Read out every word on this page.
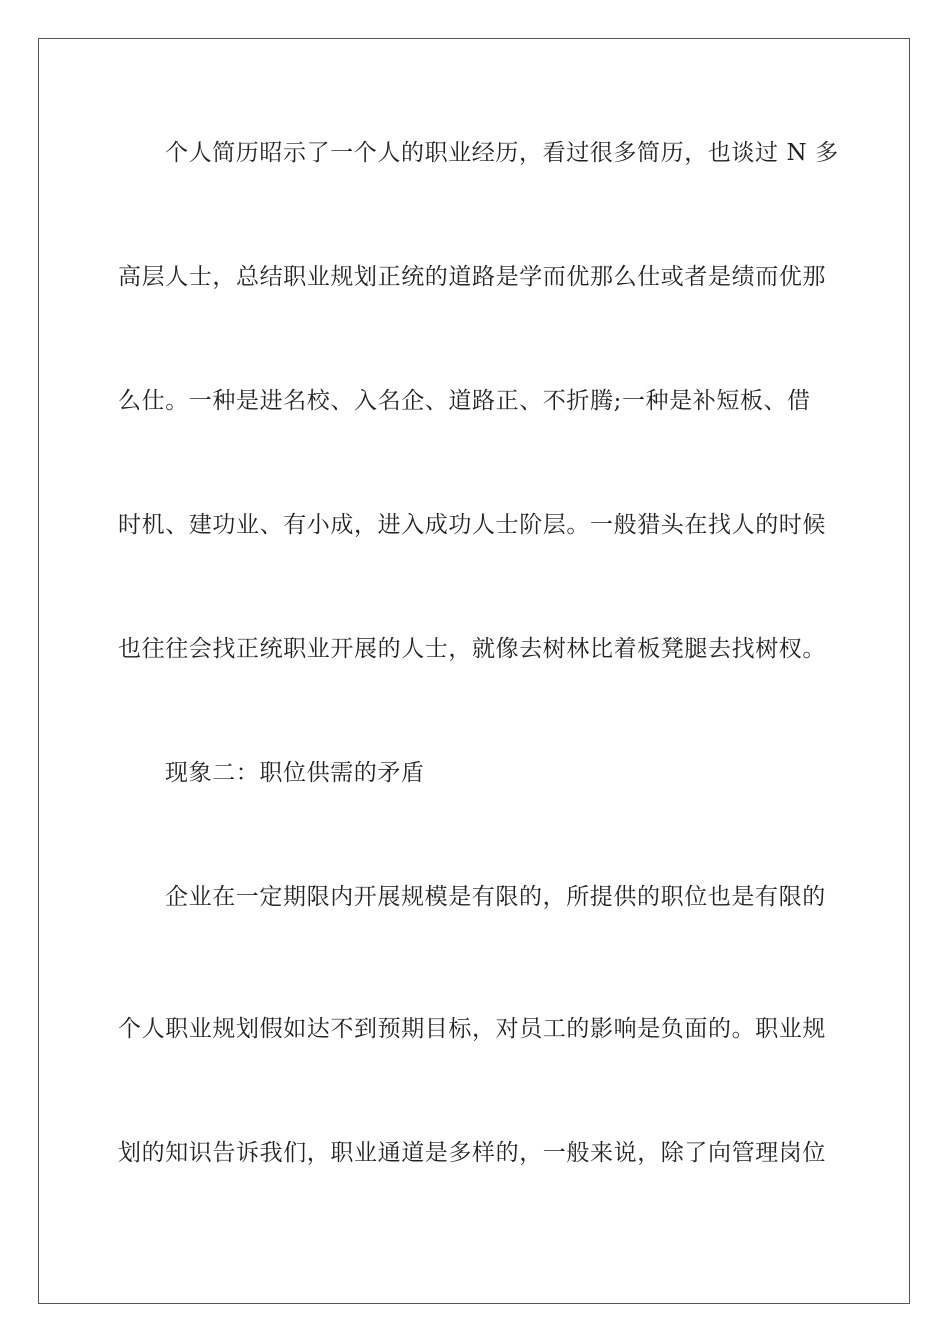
个人简历昭示了一个人的职业经历，看过很多简历，也谈过 N 多
高层人士，总结职业规划正统的道路是学而优那么仕或者是绩而优那
么仕。一种是进名校、入名企、道路正、不折腾;一种是补短板、借
时机、建功业、有小成，进入成功人士阶层。一般猎头在找人的时候
也往往会找正统职业开展的人士，就像去树林比着板凳腿去找树杈。
现象二：职位供需的矛盾
企业在一定期限内开展规模是有限的，所提供的职位也是有限的
个人职业规划假如达不到预期目标，对员工的影响是负面的。职业规
划的知识告诉我们，职业通道是多样的，一般来说，除了向管理岗位
